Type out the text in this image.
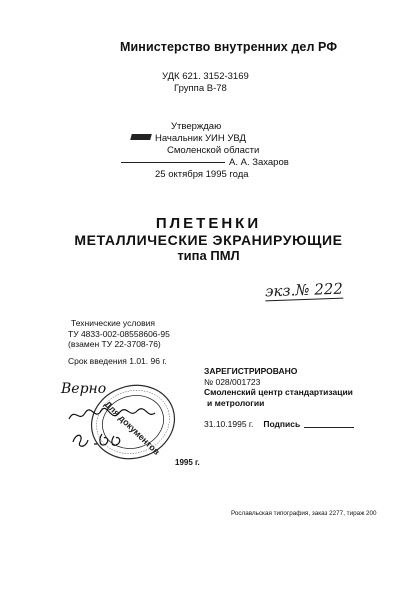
Министерство внутренних дел РФ
УДК 621. 3152-3169
Группа В-78
Утверждаю
Начальник УИН УВД
Смоленской области
А. А. Захаров
25 октября 1995 года
ПЛЕТЕНКИ
МЕТАЛЛИЧЕСКИЕ ЭКРАНИРУЮЩИЕ
типа ПМЛ
экз.№ 222
Технические условия
ТУ 4833-002-08558606-95
(взамен ТУ 22-3708-76)
Срок введения 1.01. 96 г.
ЗАРЕГИСТРИРОВАНО
№ 028/001723
Смоленский центр стандартизации
и метрологии
31.10.1995 г. Подпись
Для документов
Верно
1995 г.
Рославльская типография, заказ 2277, тираж 200
